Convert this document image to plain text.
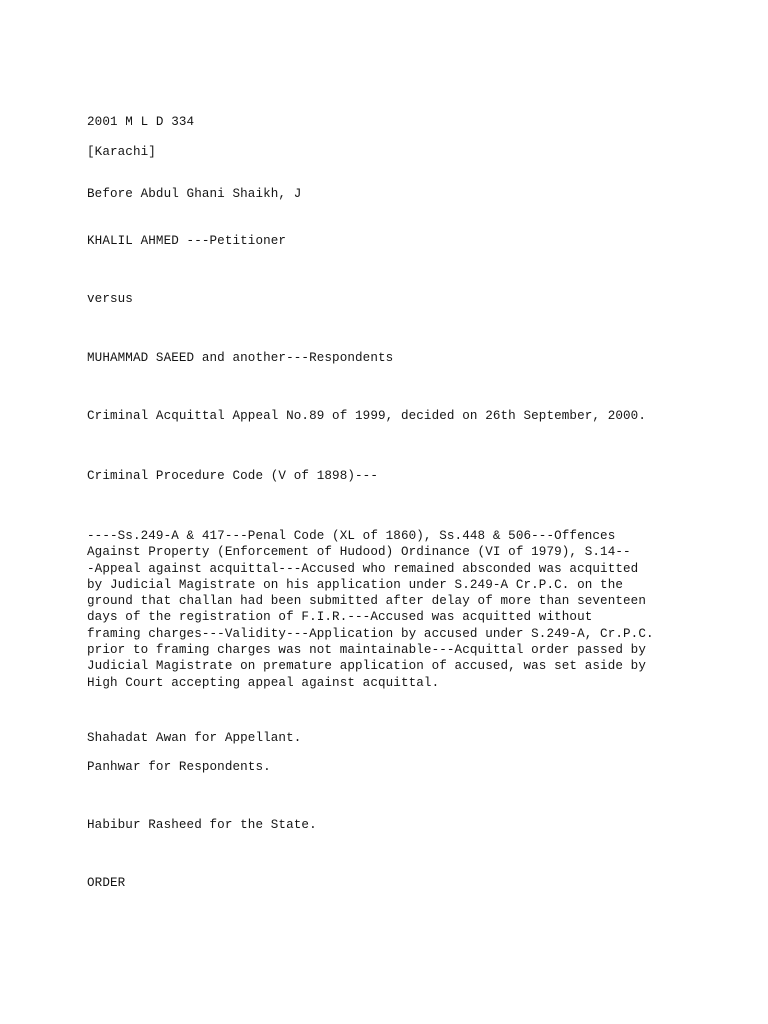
2001 M L D 334
[Karachi]
Before Abdul Ghani Shaikh, J
KHALIL AHMED ---Petitioner
versus
MUHAMMAD SAEED and another---Respondents
Criminal Acquittal Appeal No.89 of 1999, decided on 26th September, 2000.
Criminal Procedure Code (V of 1898)---
----Ss.249-A & 417---Penal Code (XL of 1860), Ss.448 & 506---Offences
Against Property (Enforcement of Hudood) Ordinance (VI of 1979), S.14--
-Appeal against acquittal---Accused who remained absconded was acquitted
by Judicial Magistrate on his application under S.249-A Cr.P.C. on the
ground that challan had been submitted after delay of more than seventeen
days of the registration of F.I.R.---Accused was acquitted without
framing charges---Validity---Application by accused under S.249-A, Cr.P.C.
prior to framing charges was not maintainable---Acquittal order passed by
Judicial Magistrate on premature application of accused, was set aside by
High Court accepting appeal against acquittal.
Shahadat Awan for Appellant.
Panhwar for Respondents.
Habibur Rasheed for the State.
ORDER
